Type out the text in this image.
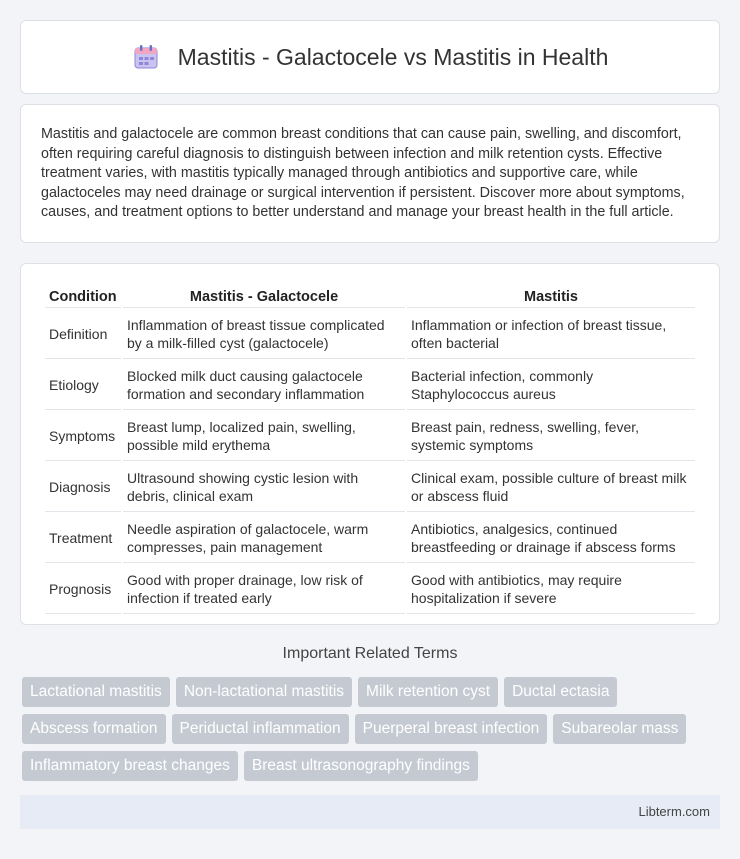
Mastitis - Galactocele vs Mastitis in Health

Mastitis and galactocele are common breast conditions that can cause pain, swelling, and discomfort, often requiring careful diagnosis to distinguish between infection and milk retention cysts. Effective treatment varies, with mastitis typically managed through antibiotics and supportive care, while galactoceles may need drainage or surgical intervention if persistent. Discover more about symptoms, causes, and treatment options to better understand and manage your breast health in the full article.

Condition	Mastitis - Galactocele	Mastitis
Definition	Inflammation of breast tissue complicated by a milk-filled cyst (galactocele)	Inflammation or infection of breast tissue, often bacterial
Etiology	Blocked milk duct causing galactocele formation and secondary inflammation	Bacterial infection, commonly Staphylococcus aureus
Symptoms	Breast lump, localized pain, swelling, possible mild erythema	Breast pain, redness, swelling, fever, systemic symptoms
Diagnosis	Ultrasound showing cystic lesion with debris, clinical exam	Clinical exam, possible culture of breast milk or abscess fluid
Treatment	Needle aspiration of galactocele, warm compresses, pain management	Antibiotics, analgesics, continued breastfeeding or drainage if abscess forms
Prognosis	Good with proper drainage, low risk of infection if treated early	Good with antibiotics, may require hospitalization if severe
Important Related Terms
Lactational mastitis	Non-lactational mastitis	Milk retention cyst	Ductal ectasia
Abscess formation	Periductal inflammation	Puerperal breast infection	Subareolar mass
Inflammatory breast changes	Breast ultrasonography findings
Libterm.com
